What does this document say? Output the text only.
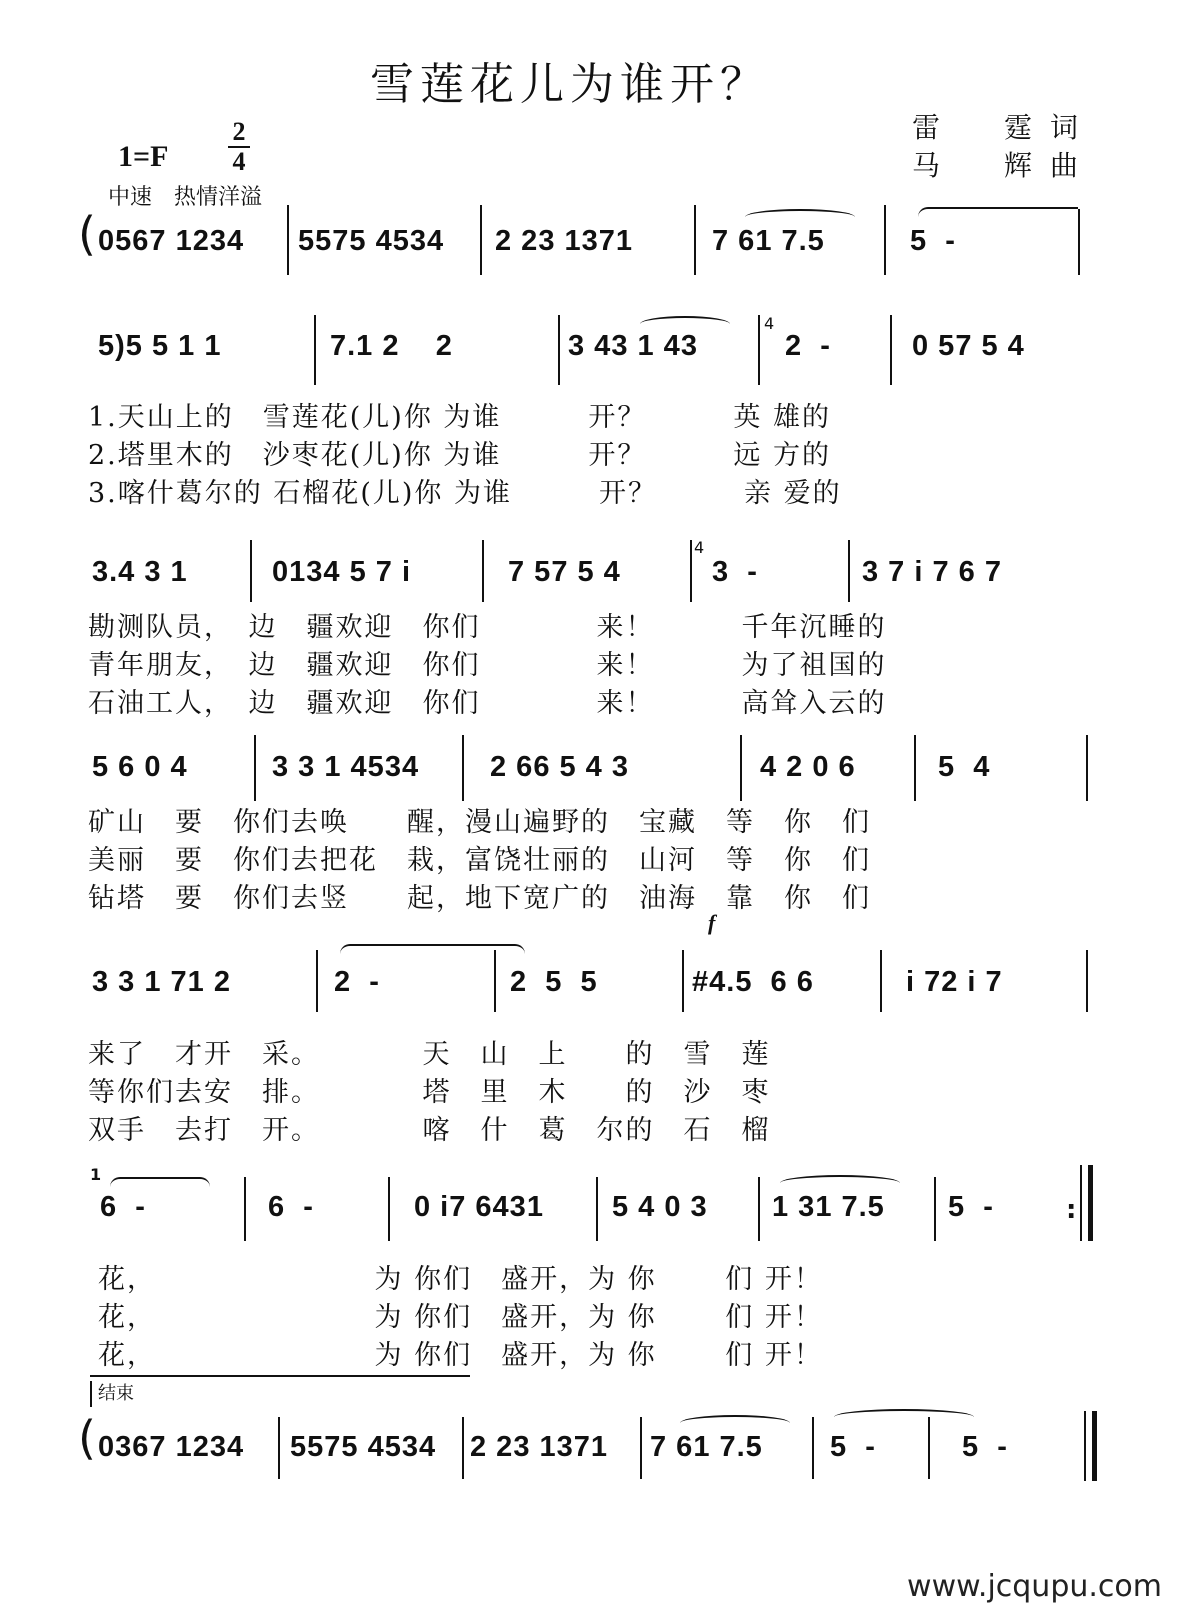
雪莲花儿为谁开？
1=F
2
4
中速　热情洋溢
雷　霆词
马　辉曲
( 0567 1234 5575 4534 2 23 1371	7 61 7.5	5  -
5)5 5 1 1	7.1 2    2	3 43 1 43
4
2  -	0 57 5 4
1.天山上的　雪莲花(儿)你 为谁　　　开？　　　英 雄的
2.塔里木的　沙枣花(儿)你 为谁　　　开？　　　远 方的
3.喀什葛尔的 石榴花(儿)你 为谁　　　开？　　　亲 爱的
3.4 3 1	0134 5 7 i	7 57 5 4
4
3  -	3 7 i 7 6 7
勘测队员，　边　疆欢迎　你们　　　　来！　　　千年沉睡的
青年朋友，　边　疆欢迎　你们　　　　来！　　　为了祖国的
石油工人，　边　疆欢迎　你们　　　　来！　　　高耸入云的
5 6 0 4	3 3 1 4534 2 66 5 4 3	4 2 0 6	5  4
矿山　要　你们去唤　　醒，漫山遍野的　宝藏　等　你　们
美丽　要　你们去把花　栽，富饶壮丽的　山河　等　你　们
钻塔　要　你们去竖　　起，地下宽广的　油海　靠　你　们
3 3 1 71 2	2  -	2  5  5
f
#4.5  6 6	i 72 i 7
来了　才开　采。　　　　天　山　上　　的　雪　莲
等你们去安　排。　　　　塔　里　木　　的　沙　枣
双手　去打　开。　　　　喀　什　葛　尔的　石　榴
1
6  -	6  -	0 i7 6431 5 4 0 3 1 31 7.5 5  -	:
花，　　　　　　　　为 你们　盛开，为 你　　 们 开！
花，　　　　　　　　为 你们　盛开，为 你　　 们 开！
花，　　　　　　　　为 你们　盛开，为 你　　 们 开！
结束
( 0367 1234 5575 4534 2 23 1371 7 61 7.5 5  -	5  -
www.jcqupu.com
